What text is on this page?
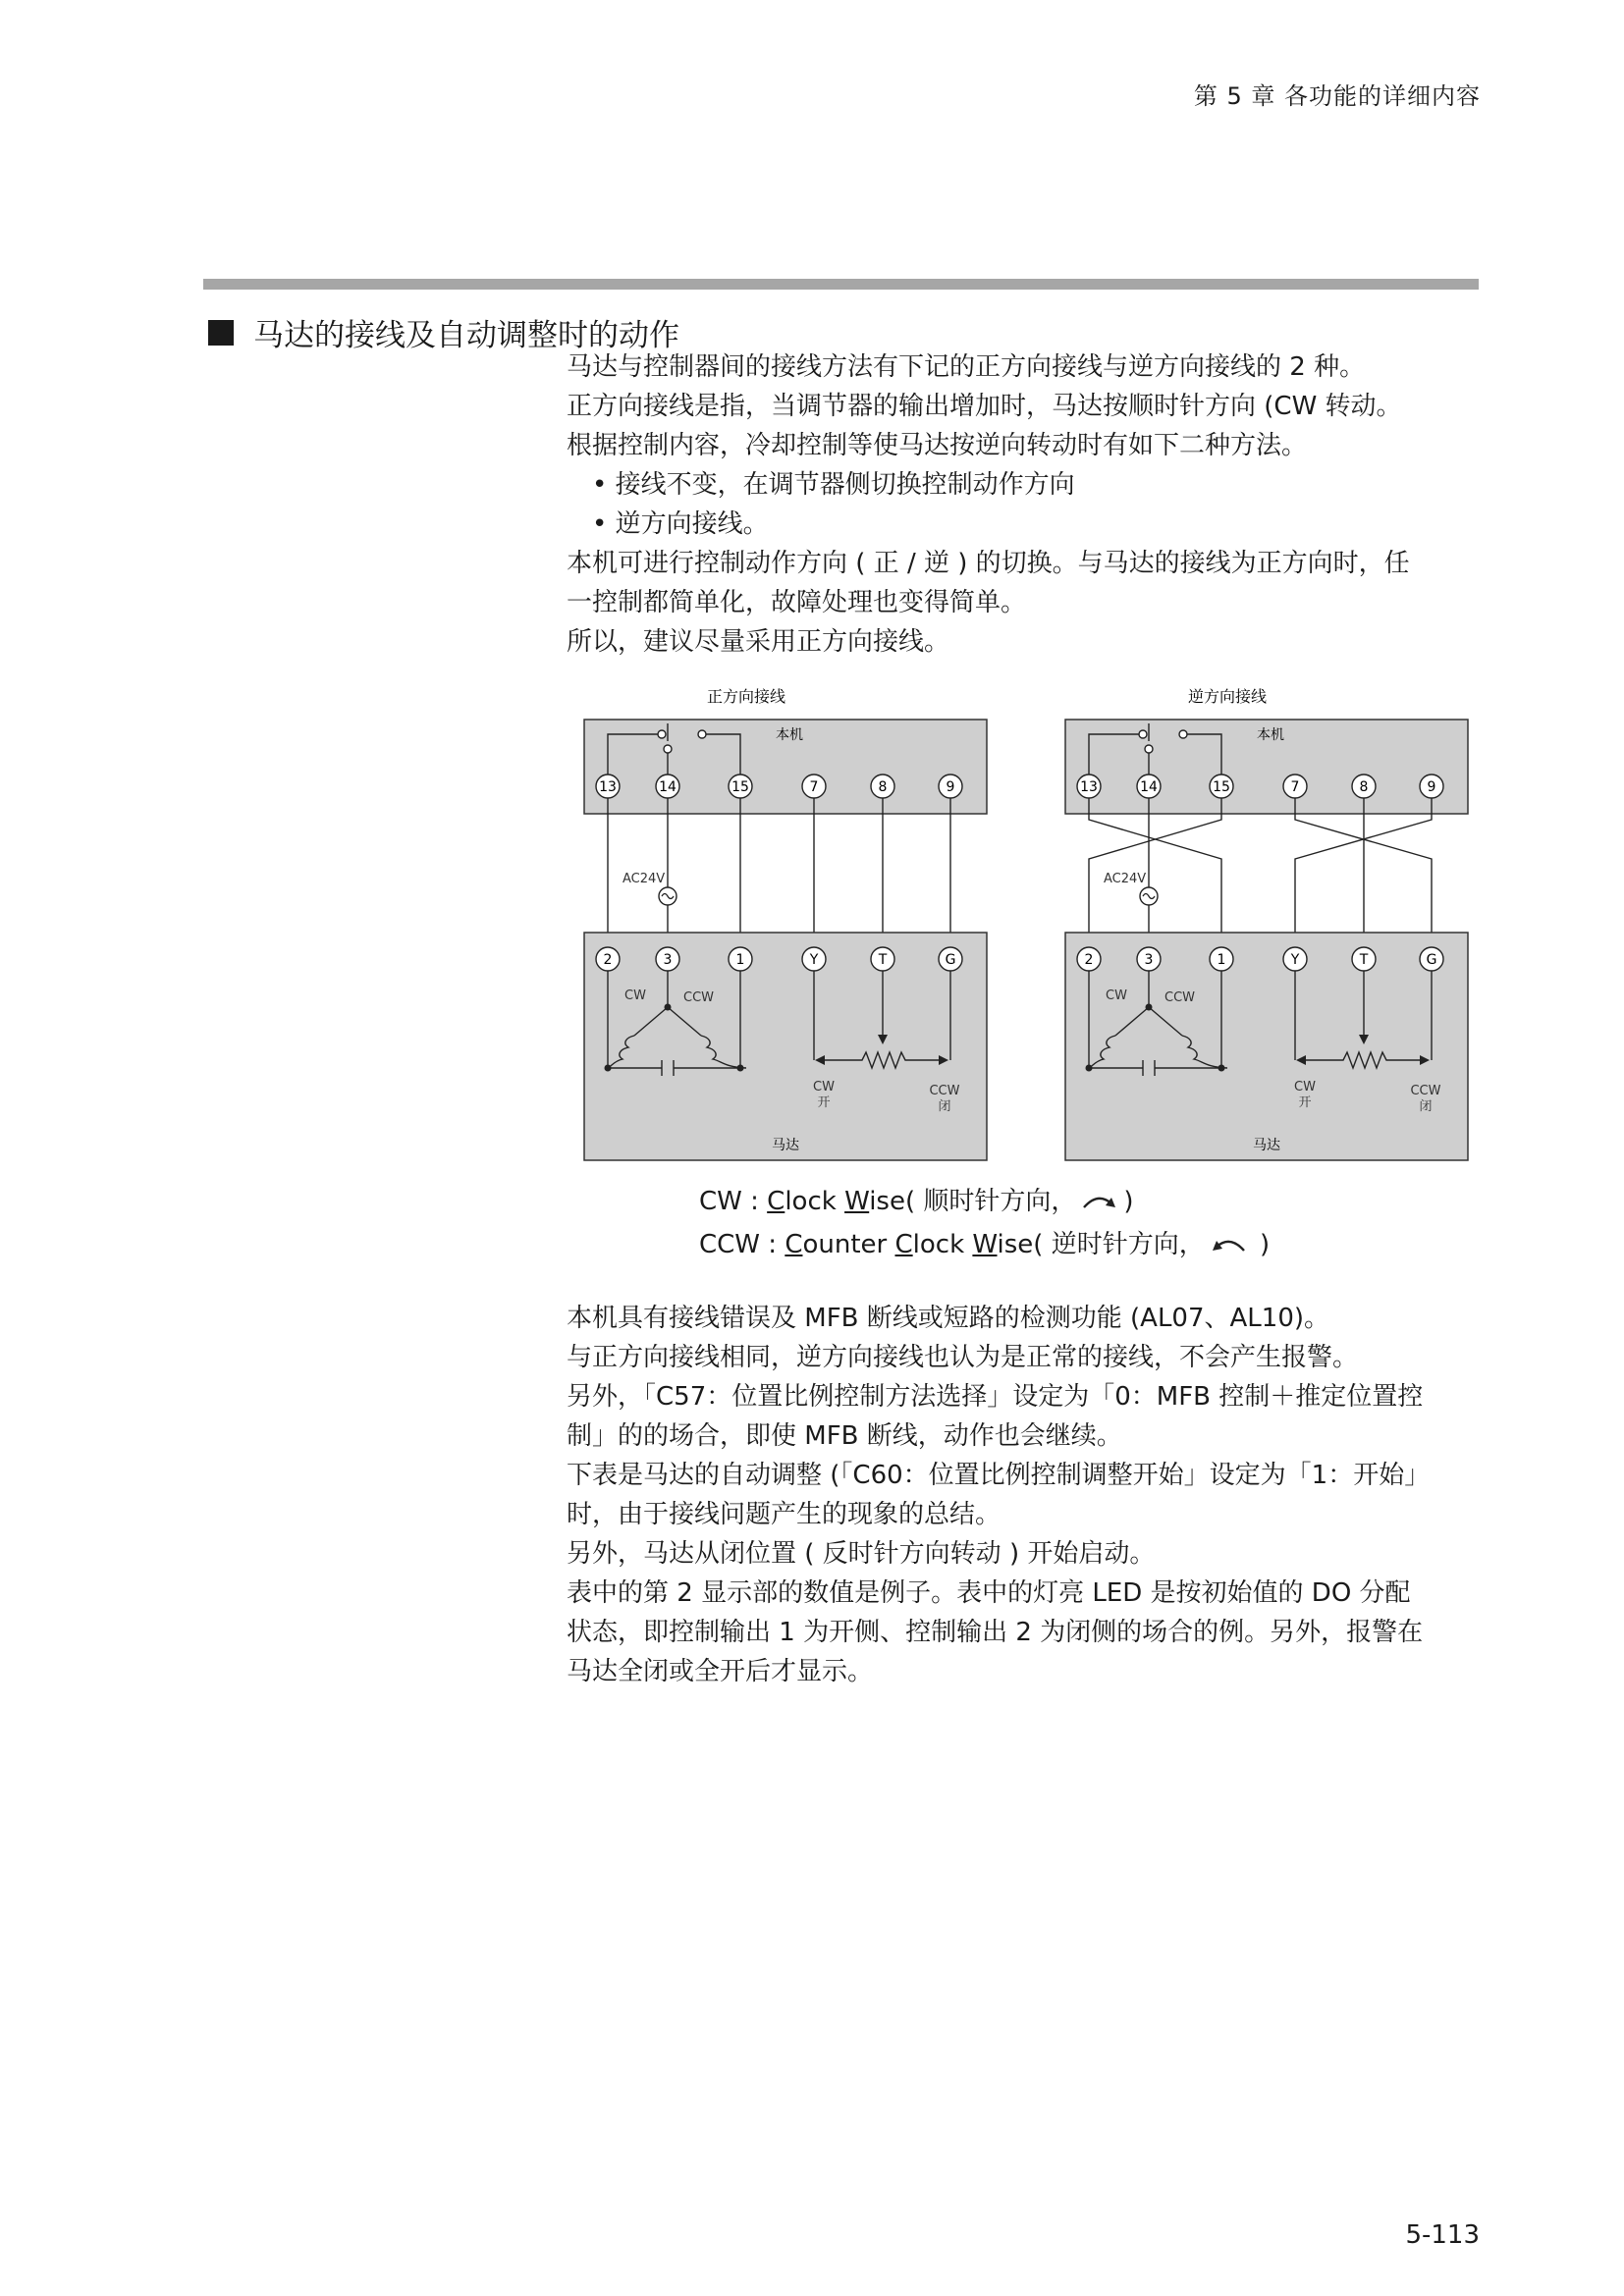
第 5 章 各功能的详细内容
马达的接线及自动调整时的动作
马达与控制器间的接线方法有下记的正方向接线与逆方向接线的 2 种。
正方向接线是指，当调节器的输出增加时，马达按顺时针方向 (CW 转动。
根据控制内容，冷却控制等使马达按逆向转动时有如下二种方法。
• 接线不变，在调节器侧切换控制动作方向
• 逆方向接线。
本机可进行控制动作方向 ( 正 / 逆 ) 的切换。与马达的接线为正方向时，任
一控制都简单化，故障处理也变得简单。
所以，建议尽量采用正方向接线。
正方向接线
本机
13	14	15	7	8	9
AC24V
2	3	1	Y	T	G
CW	CCW
CW
开
CCW
闭
马达
逆方向接线
本机
13	14	15	7	8	9
AC24V
2	3	1	Y	T	G
CW	CCW
CW
开
CCW
闭
马达
CW : Clock Wise( 顺时针方向， )
CCW : Counter Clock Wise( 逆时针方向， )
本机具有接线错误及 MFB 断线或短路的检测功能 (AL07、AL10)。
与正方向接线相同，逆方向接线也认为是正常的接线，不会产生报警。
另外，「C57：位置比例控制方法选择」设定为「0：MFB 控制＋推定位置控
制」的的场合，即使 MFB 断线，动作也会继续。
下表是马达的自动调整 (「C60：位置比例控制调整开始」设定为「1：开始」
时，由于接线问题产生的现象的总结。
另外，马达从闭位置 ( 反时针方向转动 ) 开始启动。
表中的第 2 显示部的数值是例子。表中的灯亮 LED 是按初始值的 DO 分配
状态，即控制输出 1 为开侧、控制输出 2 为闭侧的场合的例。另外，报警在
马达全闭或全开后才显示。
5-113
